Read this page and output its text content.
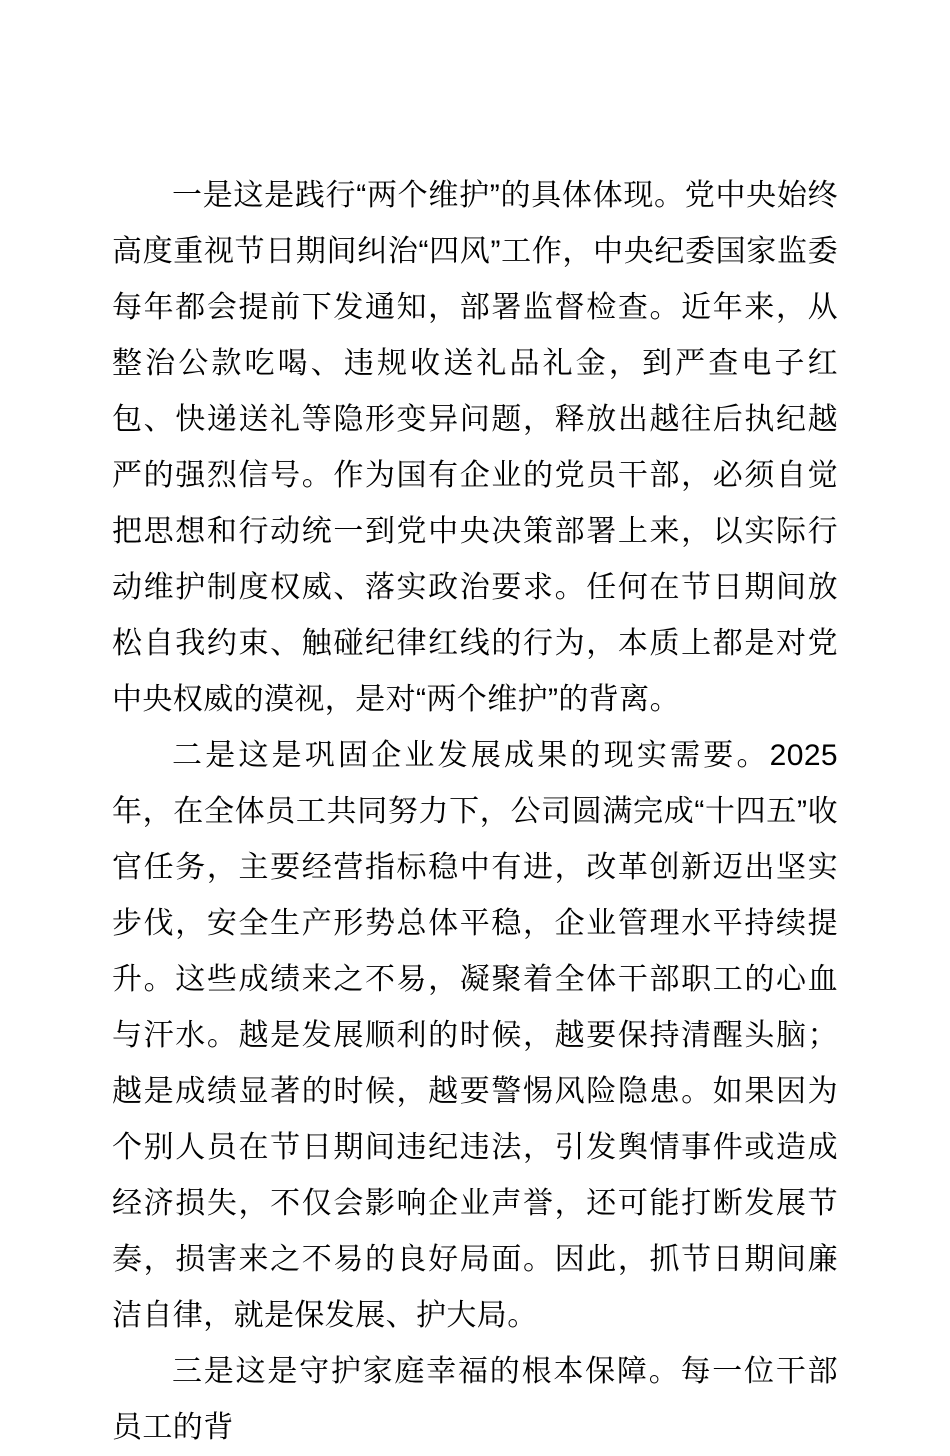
一是这是践行“两个维护”的具体体现。党中央始终高度重视节日期间纠治“四风”工作，中央纪委国家监委每年都会提前下发通知，部署监督检查。近年来，从整治公款吃喝、违规收送礼品礼金，到严查电子红包、快递送礼等隐形变异问题，释放出越往后执纪越严的强烈信号。作为国有企业的党员干部，必须自觉把思想和行动统一到党中央决策部署上来，以实际行动维护制度权威、落实政治要求。任何在节日期间放松自我约束、触碰纪律红线的行为，本质上都是对党中央权威的漠视，是对“两个维护”的背离。

二是这是巩固企业发展成果的现实需要。2025 年，在全体员工共同努力下，公司圆满完成“十四五”收官任务，主要经营指标稳中有进，改革创新迈出坚实步伐，安全生产形势总体平稳，企业管理水平持续提升。这些成绩来之不易，凝聚着全体干部职工的心血与汗水。越是发展顺利的时候，越要保持清醒头脑；越是成绩显著的时候，越要警惕风险隐患。如果因为个别人员在节日期间违纪违法，引发舆情事件或造成经济损失，不仅会影响企业声誉，还可能打断发展节奏，损害来之不易的良好局面。因此，抓节日期间廉洁自律，就是保发展、护大局。

三是这是守护家庭幸福的根本保障。每一位干部员工的背
